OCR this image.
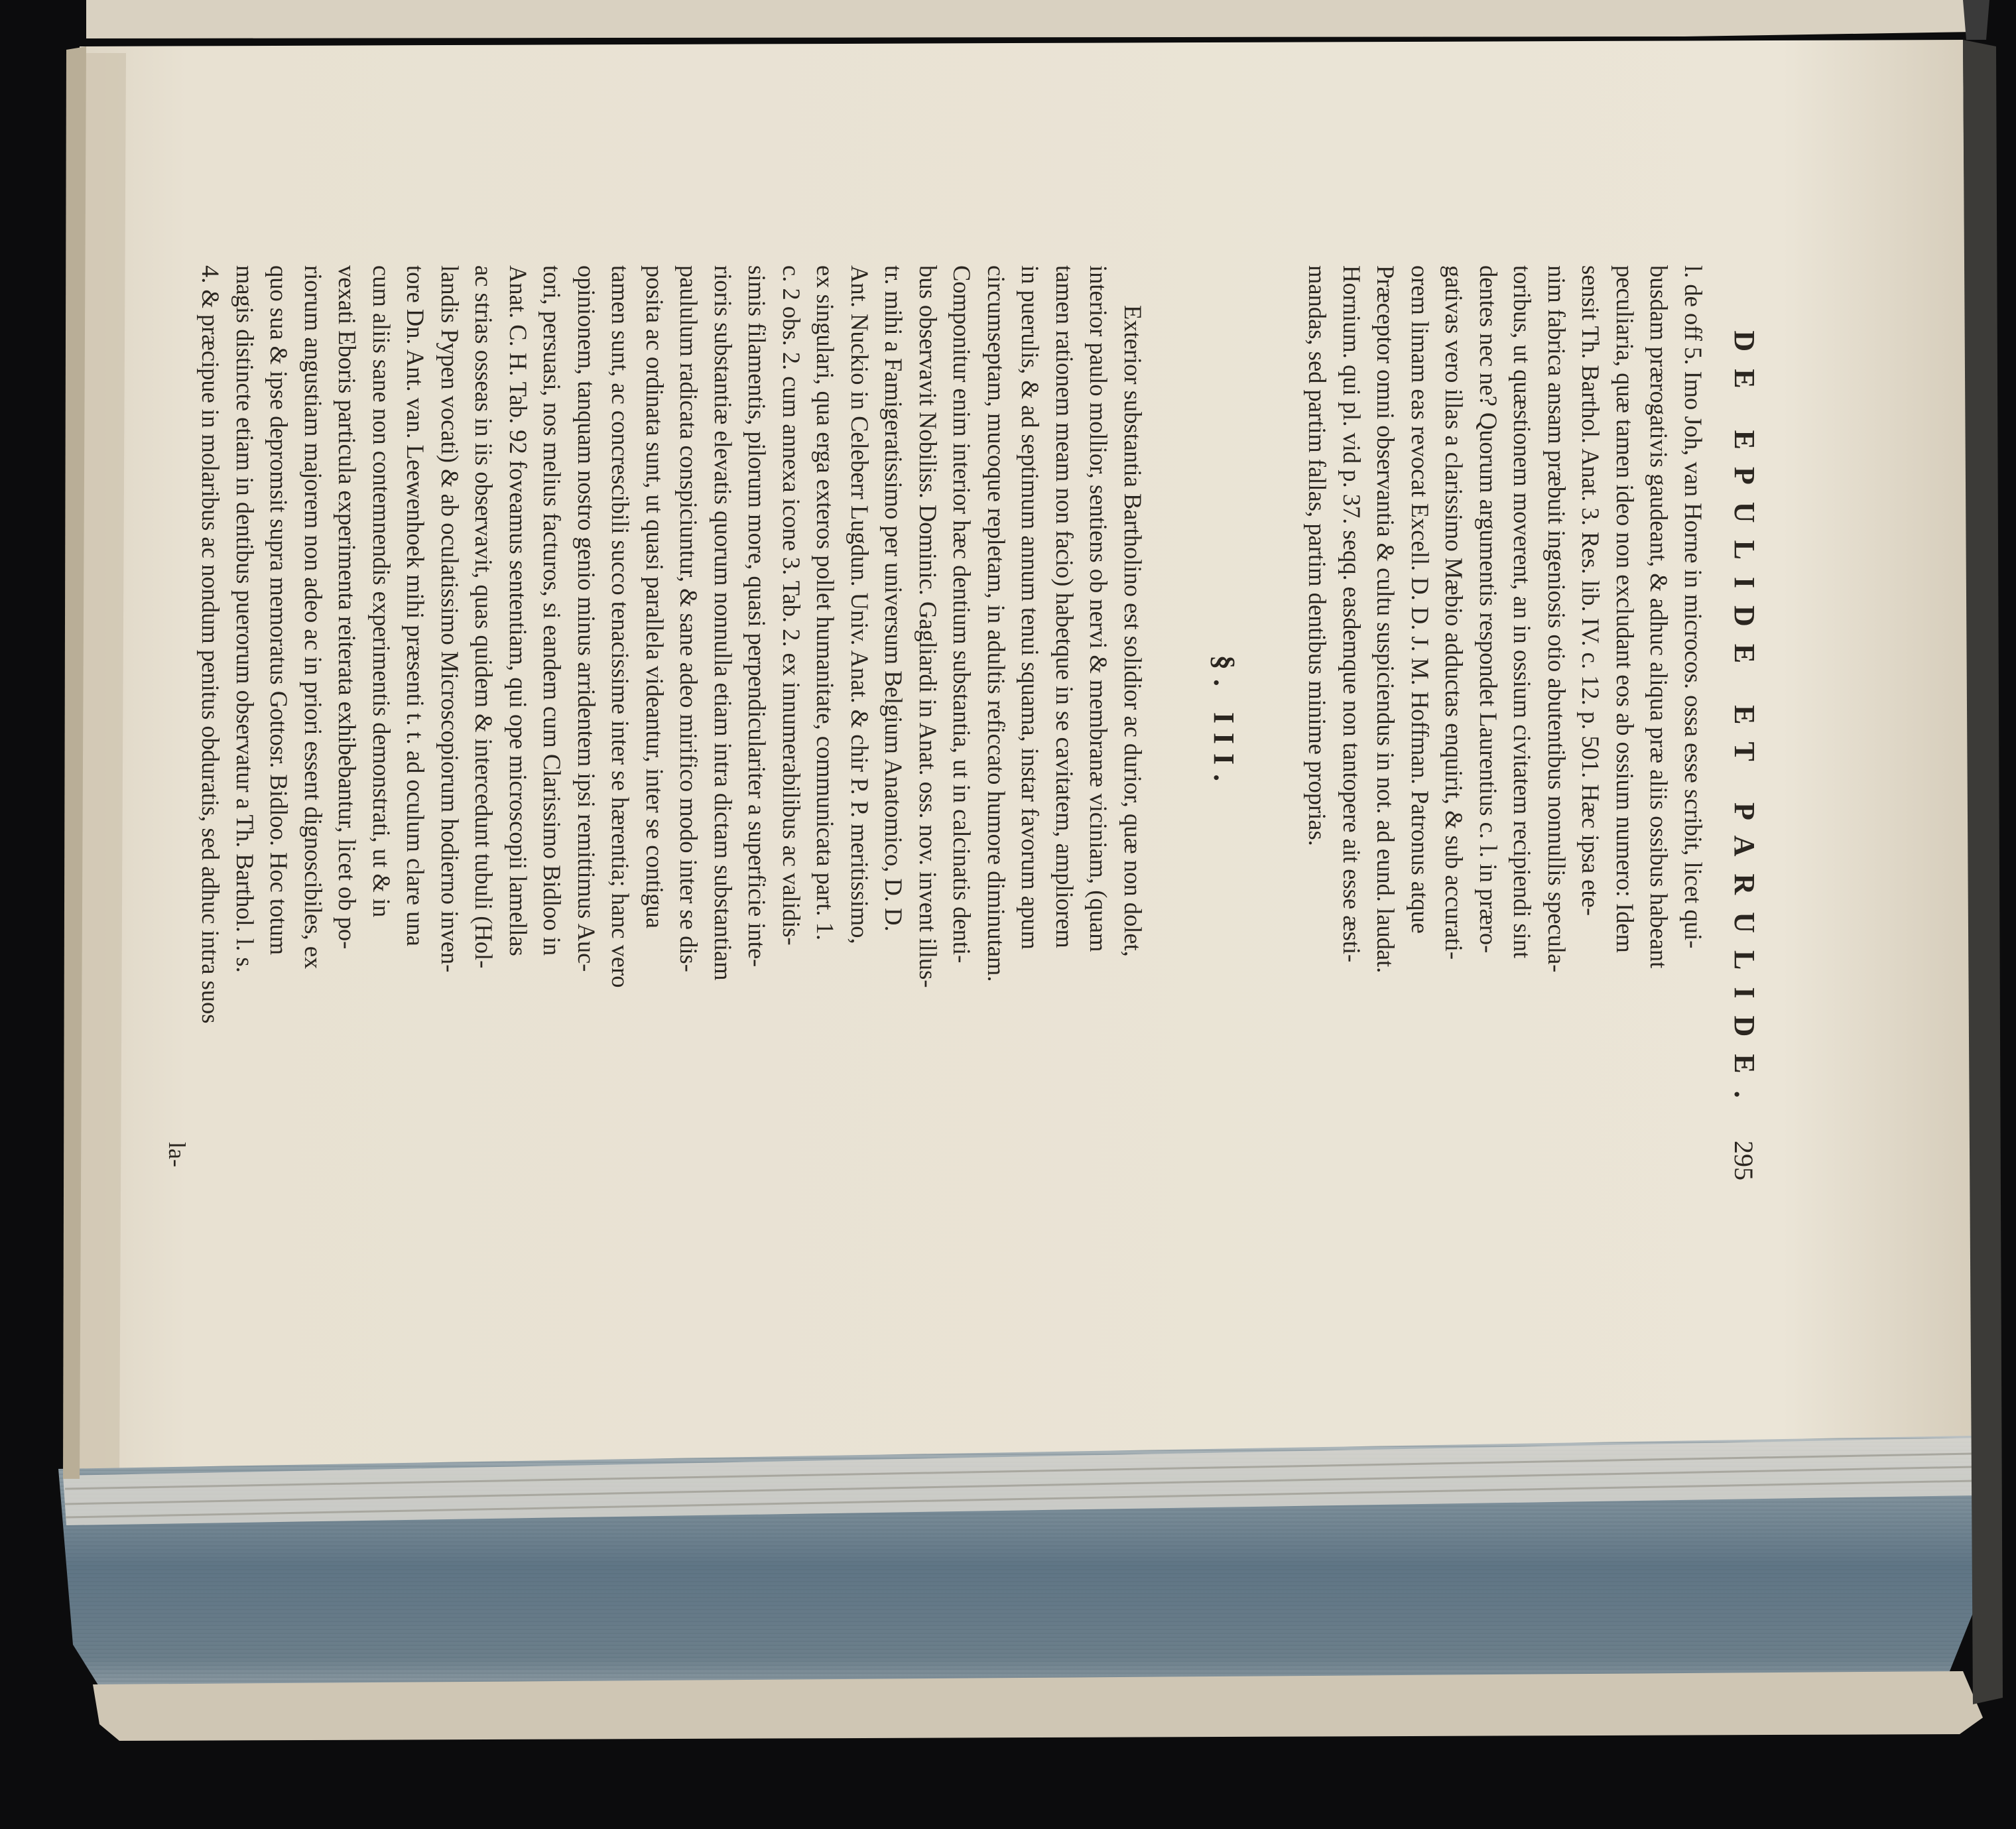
DE EPULIDE ET PARULIDE.
295

l. de off 5. Imo Joh, van Horne in microcos. ossa esse scribit, licet qui-
busdam prærogativis gaudeant, & adhuc aliqua præ aliis ossibus habeant
peculiaria, quæ tamen ideo non excludant eos ab ossium numero: Idem
sensit Th. Barthol. Anat. 3. Res. lib. IV. c. 12. p. 501. Hæc ipsa ete-
nim fabrica ansam præbuit ingeniosis otio abutentibus nonnullis specula-
toribus, ut quæstionem moverent, an in ossium civitatem recipiendi sint
dentes nec ne? Quorum argumentis respondet Laurentius c. l. in præro-
gativas vero illas a clarissimo Mæbio adductas enquirit, & sub accurati-
orem limam eas revocat Excell. D. D. J. M. Hoffman. Patronus atque
Præceptor omni observantia & cultu suspiciendus in not. ad eund. laudat.
Hornium. qui pl. vid p. 37. seqq. easdemque non tantopere ait esse æsti-
mandas, sed partim fallas, partim dentibus minime proprias.

§. III.

Exterior substantia Bartholino est solidior ac durior, quæ non dolet,
interior paulo mollior, sentiens ob nervi & membranæ viciniam, (quam
tamen rationem meam non facio) habetque in se cavitatem, ampliorem
in puerulis, & ad septimum annum tenui squama, instar favorum apum
circumseptam, mucoque repletam, in adultis reficcato humore diminutam.
Componitur enim interior hæc dentium substantia, ut in calcinatis denti-
bus observavit Nobiliss. Dominic. Gagliardi in Anat. oss. nov. invent illus-
tr. mihi a Famigeratissimo per universum Belgium Anatomico, D. D.
Ant. Nuckio in Celeberr Lugdun. Univ. Anat. & chir P. P. meritissimo,
ex singulari, qua erga exteros pollet humanitate, communicata part. 1.
c. 2 obs. 2. cum annexa icone 3. Tab. 2. ex innumerabilibus ac validis-
simis filamentis, pilorum more, quasi perpendiculariter a superficie inte-
rioris substantiæ elevatis quorum nonnulla etiam intra dictam substantiam
paululum radicata conspiciuntur, & sane adeo mirifico modo inter se dis-
posita ac ordinata sunt, ut quasi parallela videantur, inter se contigua
tamen sunt, ac concrescibili succo tenacissime inter se hærentia; hanc vero
opinionem, tanquam nostro genio minus arridentem ipsi remittimus Auc-
tori, persuasi, nos melius facturos, si eandem cum Clarissimo Bidloo in
Anat. C. H. Tab. 92 foveamus sententiam, qui ope microscopii lamellas
ac strias osseas in iis observavit, quas quidem & intercedunt tubuli (Hol-
landis Pypen vocati) & ab oculatissimo Microscopiorum hodierno inven-
tore Dn. Ant. van. Leewenhoek mihi præsenti t. t. ad oculum clare una
cum aliis sane non contemnendis experimentis demonstrati, ut & in
vexati Eboris particula experimenta reiterata exhibebantur, licet ob po-
riorum angustiam majorem non adeo ac in priori essent dignoscibiles, ex
quo sua & ipse depromsit supra memoratus Gottosr. Bidloo. Hoc totum
magis distincte etiam in dentibus puerorum observatur a Th. Barthol. l. s.
4. & præcipue in molaribus ac nondum penitus obduratis, sed adhuc intra suos

la-
